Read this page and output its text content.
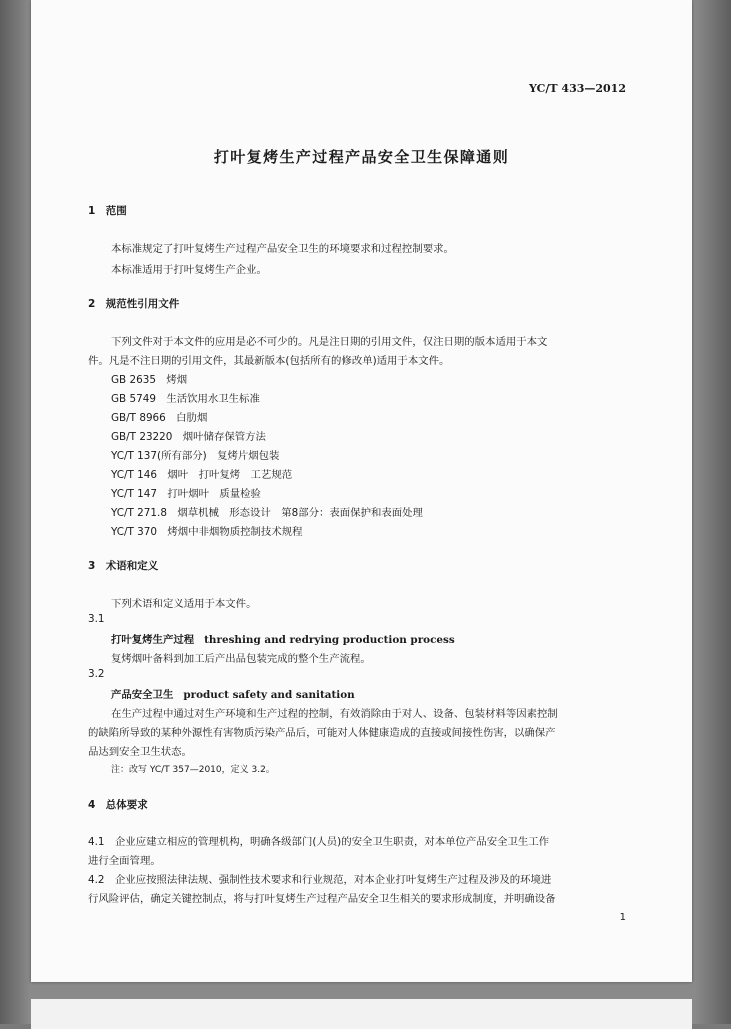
YC/T 433—2012
打叶复烤生产过程产品安全卫生保障通则
1　范围
本标准规定了打叶复烤生产过程产品安全卫生的环境要求和过程控制要求。
本标准适用于打叶复烤生产企业。
2　规范性引用文件
下列文件对于本文件的应用是必不可少的。凡是注日期的引用文件，仅注日期的版本适用于本文
件。凡是不注日期的引用文件，其最新版本(包括所有的修改单)适用于本文件。
GB 2635　 烤烟
GB 5749　 生活饮用水卫生标准
GB/T 8966　 白肋烟
GB/T 23220　 烟叶储存保管方法
YC/T 137(所有部分)　 复烤片烟包装
YC/T 146　 烟叶　打叶复烤　工艺规范
YC/T 147　 打叶烟叶　质量检验
YC/T 271.8　 烟草机械　形态设计　第8部分：表面保护和表面处理
YC/T 370　 烤烟中非烟物质控制技术规程
3　术语和定义
下列术语和定义适用于本文件。
3.1
打叶复烤生产过程 threshing and redrying production process
复烤烟叶备料到加工后产出品包装完成的整个生产流程。
3.2
产品安全卫生 product safety and sanitation
在生产过程中通过对生产环境和生产过程的控制，有效消除由于对人、设备、包装材料等因素控制
的缺陷所导致的某种外源性有害物质污染产品后，可能对人体健康造成的直接或间接性伤害，以确保产
品达到安全卫生状态。
注：改写 YC/T 357—2010，定义 3.2。
4　总体要求
4.1　企业应建立相应的管理机构，明确各级部门(人员)的安全卫生职责，对本单位产品安全卫生工作
进行全面管理。
4.2　企业应按照法律法规、强制性技术要求和行业规范，对本企业打叶复烤生产过程及涉及的环境进
行风险评估，确定关键控制点，将与打叶复烤生产过程产品安全卫生相关的要求形成制度，并明确设备
1
